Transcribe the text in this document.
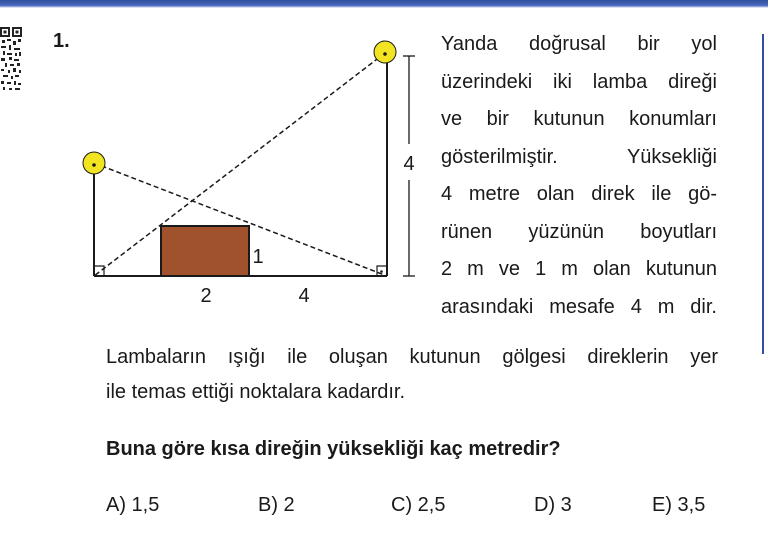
1.
4
1
2	4
Yanda doğrusal bir yol
üzerindeki iki lamba direği
ve bir kutunun konumları
gösterilmiştir. Yüksekliği
4 metre olan direk ile gö-
rünen yüzünün boyutları
2 m ve 1 m olan kutunun
arasındaki mesafe 4 m dir.
Lambaların ışığı ile oluşan kutunun gölgesi direklerin yer
ile temas ettiği noktalara kadardır.
Buna göre kısa direğin yüksekliği kaç metredir?
A) 1,5	B) 2	C) 2,5	D) 3	E) 3,5
